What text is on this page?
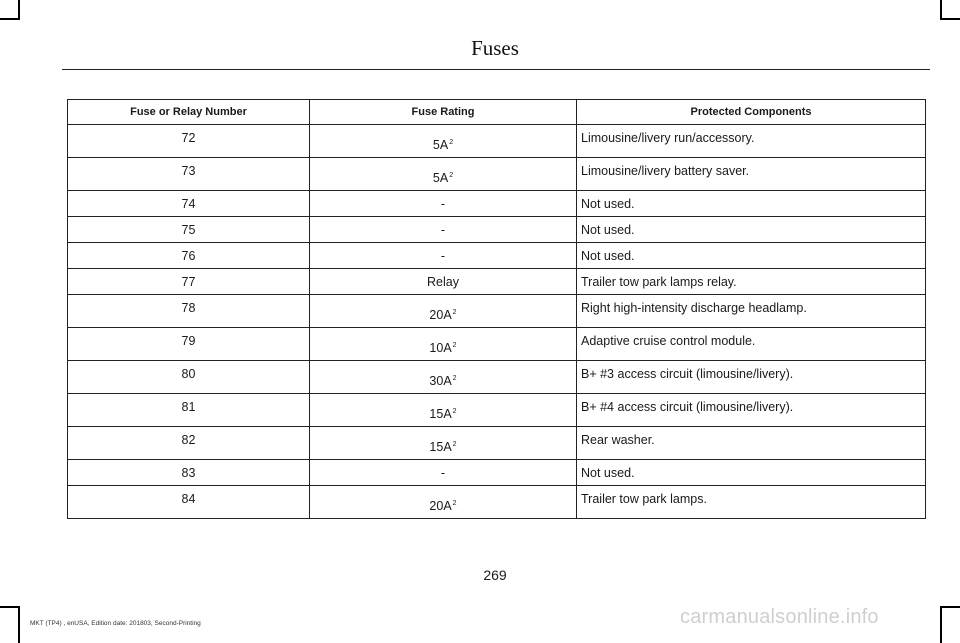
Fuses
Fuse or Relay Number	Fuse Rating	Protected Components

72	5A$^2$	Limousine/livery run/accessory.

73	5A$^2$	Limousine/livery battery saver.

74	-	Not used.

75	-	Not used.

76	-	Not used.

77	Relay	Trailer tow park lamps relay.

78	20A$^2$	Right high-intensity discharge headlamp.

79	10A$^2$	Adaptive cruise control module.

80	30A$^2$	B+ #3 access circuit (limousine/livery).

81	15A$^2$	B+ #4 access circuit (limousine/livery).

82	15A$^2$	Rear washer.

83	-	Not used.

84	20A$^2$	Trailer tow park lamps.
269
MKT (TP4) , enUSA, Edition date: 201803, Second-Printing	carmanualsonline.info
